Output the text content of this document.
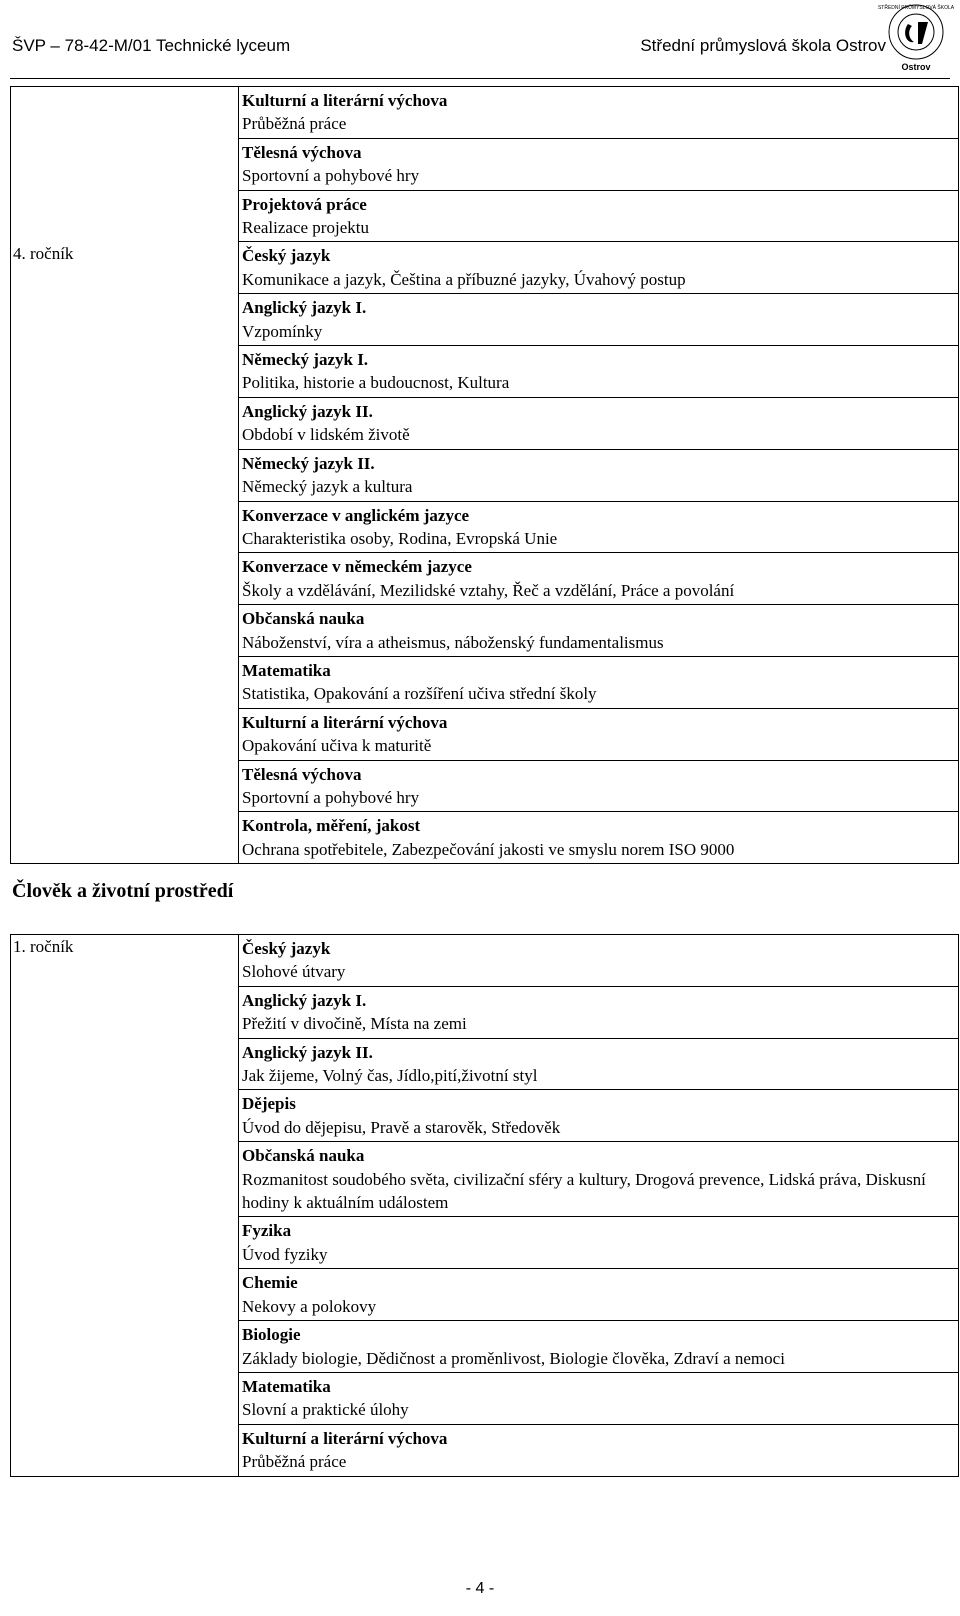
ŠVP – 78-42-M/01 Technické lyceum	Střední průmyslová škola Ostrov
STŘEDNÍ PRŮMYSLOVÁ ŠKOLA
Ostrov

	Kulturní a literární výchova
Průběžná práce

	Tělesná výchova
Sportovní a pohybové hry

	Projektová práce
Realizace projektu

4. ročník	Český jazyk
Komunikace a jazyk, Čeština a příbuzné jazyky, Úvahový postup

	Anglický jazyk I.
Vzpomínky

	Německý jazyk I.
Politika, historie a budoucnost, Kultura

	Anglický jazyk II.
Období v lidském životě

	Německý jazyk II.
Německý jazyk a kultura

	Konverzace v anglickém jazyce
Charakteristika osoby, Rodina, Evropská Unie

	Konverzace v německém jazyce
Školy a vzdělávání, Mezilidské vztahy, Řeč a vzdělání, Práce a povolání

	Občanská nauka
Náboženství, víra a atheismus, náboženský fundamentalismus

	Matematika
Statistika, Opakování a rozšíření učiva střední školy

	Kulturní a literární výchova
Opakování učiva k maturitě

	Tělesná výchova
Sportovní a pohybové hry

	Kontrola, měření, jakost
Ochrana spotřebitele, Zabezpečování jakosti ve smyslu norem ISO 9000
Člověk a životní prostředí
1. ročník	Český jazyk
Slohové útvary

	Anglický jazyk I.
Přežití v divočině, Místa na zemi

	Anglický jazyk II.
Jak žijeme, Volný čas, Jídlo,pití,životní styl

	Dějepis
Úvod do dějepisu, Pravě a starověk, Středověk

	Občanská nauka
Rozmanitost soudobého světa, civilizační sféry a kultury, Drogová prevence, Lidská práva, Diskusní hodiny k aktuálním událostem

	Fyzika
Úvod fyziky

	Chemie
Nekovy a polokovy

	Biologie
Základy biologie, Dědičnost a proměnlivost, Biologie člověka, Zdraví a nemoci

	Matematika
Slovní a praktické úlohy

	Kulturní a literární výchova
Průběžná práce
- 4 -
